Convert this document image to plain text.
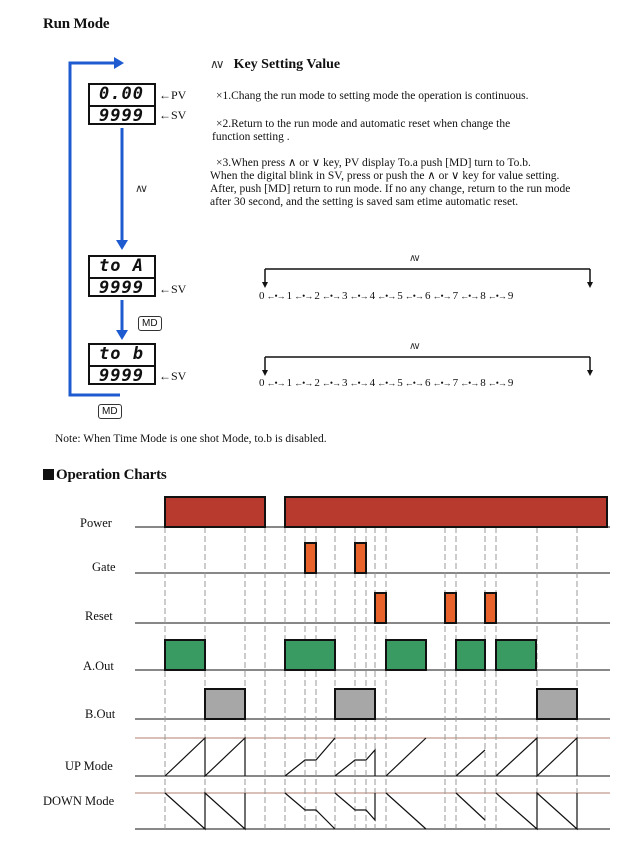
Run Mode
0.00
9999
←PV
←SV
∧∨
to A
9999	←SV
MD
to b
9999	←SV
MD
∧∨ Key Setting Value
×1.Chang the run mode to setting mode the operation is continuous.
×2.Return to the run mode and automatic reset when change the
function setting .
×3.When press ∧ or ∨ key, PV display To.a push [MD] turn to To.b.
When the digital blink in SV, press or push the ∧ or ∨ key for value setting.
After, push [MD] return to run mode. If no any change, return to the run mode
after 30 second, and the setting is saved sam etime automatic reset.
∧∨
0 ←•→ 1 ←•→ 2 ←•→ 3 ←•→ 4 ←•→ 5 ←•→ 6 ←•→ 7 ←•→ 8 ←•→ 9
∧∨
0 ←•→ 1 ←•→ 2 ←•→ 3 ←•→ 4 ←•→ 5 ←•→ 6 ←•→ 7 ←•→ 8 ←•→ 9
Note: When Time Mode is one shot Mode, to.b is disabled.
Operation Charts
Power
Gate
Reset
A.Out
B.Out
UP Mode
DOWN Mode
